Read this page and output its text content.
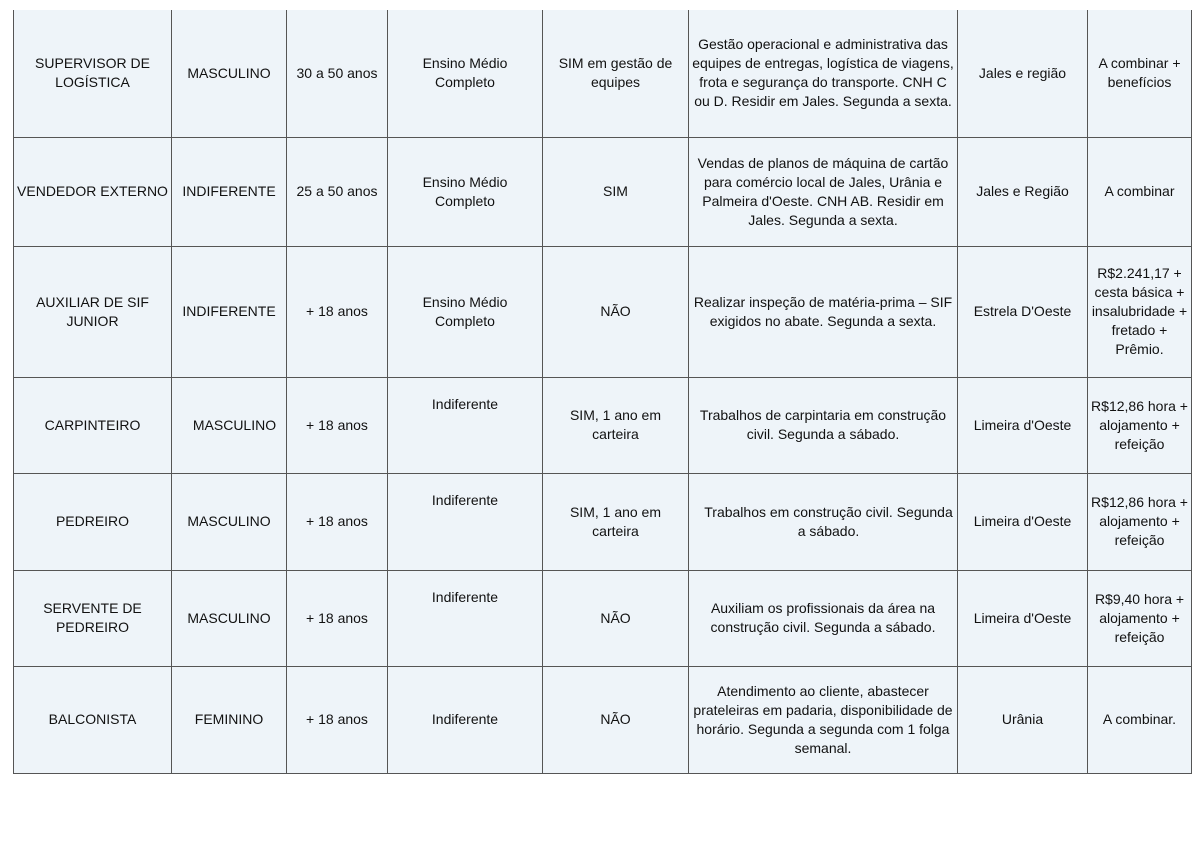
SUPERVISOR DE LOGÍSTICA	MASCULINO	30 a 50 anos	Ensino Médio Completo	SIM em gestão de equipes	Gestão operacional e administrativa das equipes de entregas, logística de viagens, frota e segurança do transporte. CNH C ou D. Residir em Jales. Segunda a sexta.	Jales e região	A combinar + benefícios

VENDEDOR EXTERNO	INDIFERENTE	25 a 50 anos	Ensino Médio Completo	SIM	Vendas de planos de máquina de cartão para comércio local de Jales, Urânia e Palmeira d'Oeste. CNH AB. Residir em Jales. Segunda a sexta.	Jales e Região	A combinar

AUXILIAR DE SIF JUNIOR	INDIFERENTE	+ 18 anos	Ensino Médio Completo	NÃO	Realizar inspeção de matéria-prima – SIF exigidos no abate. Segunda a sexta.	Estrela D'Oeste	R$2.241,17 + cesta básica + insalubridade + fretado + Prêmio.

CARPINTEIRO	MASCULINO	+ 18 anos	Indiferente	SIM, 1 ano em carteira	Trabalhos de carpintaria em construção civil. Segunda a sábado.	Limeira d'Oeste	R$12,86 hora + alojamento + refeição

PEDREIRO	MASCULINO	+ 18 anos	Indiferente	SIM, 1 ano em carteira	Trabalhos em construção civil. Segunda a sábado.	Limeira d'Oeste	R$12,86 hora + alojamento + refeição

SERVENTE DE PEDREIRO	MASCULINO	+ 18 anos	Indiferente	NÃO	Auxiliam os profissionais da área na construção civil. Segunda a sábado.	Limeira d'Oeste	R$9,40 hora + alojamento + refeição

BALCONISTA	FEMININO	+ 18 anos	Indiferente	NÃO	Atendimento ao cliente, abastecer prateleiras em padaria, disponibilidade de horário. Segunda a segunda com 1 folga semanal.	Urânia	A combinar.
